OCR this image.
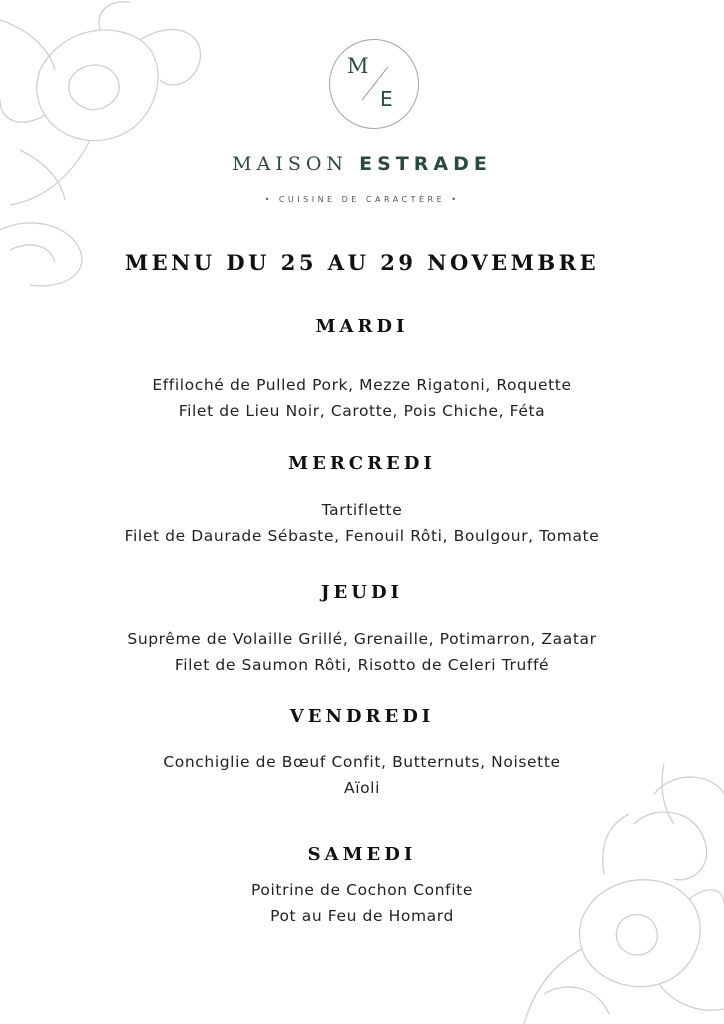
M
E
MAISON ESTRADE
• CUISINE DE CARACTÈRE •
MENU DU 25 AU 29 NOVEMBRE
MARDI
Effiloché de Pulled Pork, Mezze Rigatoni, Roquette
Filet de Lieu Noir, Carotte, Pois Chiche, Féta
MERCREDI
Tartiflette
Filet de Daurade Sébaste, Fenouil Rôti, Boulgour, Tomate
JEUDI
Suprême de Volaille Grillé, Grenaille, Potimarron, Zaatar
Filet de Saumon Rôti, Risotto de Celeri Truffé
VENDREDI
Conchiglie de Bœuf Confit, Butternuts, Noisette
Aïoli
SAMEDI
Poitrine de Cochon Confite
Pot au Feu de Homard
